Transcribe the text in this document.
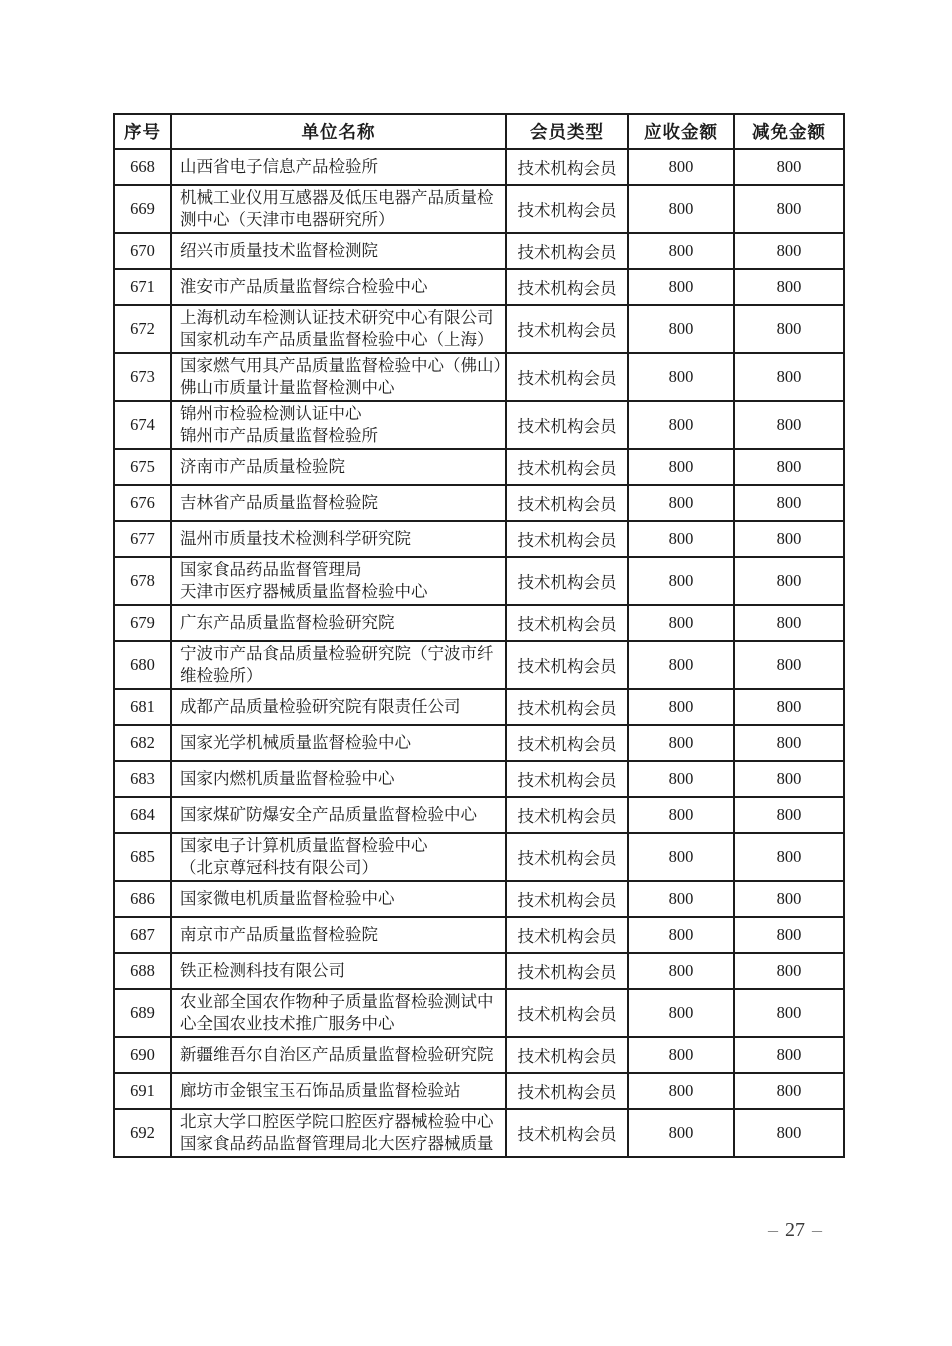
序号	单位名称	会员类型	应收金额	减免金额
668	山西省电子信息产品检验所	技术机构会员	800	800
669	机械工业仪用互感器及低压电器产品质量检
测中心（天津市电器研究所）	技术机构会员	800	800
670	绍兴市质量技术监督检测院	技术机构会员	800	800
671	淮安市产品质量监督综合检验中心	技术机构会员	800	800
672	上海机动车检测认证技术研究中心有限公司
国家机动车产品质量监督检验中心（上海）	技术机构会员	800	800
673	国家燃气用具产品质量监督检验中心（佛山）
佛山市质量计量监督检测中心	技术机构会员	800	800
674	锦州市检验检测认证中心
锦州市产品质量监督检验所	技术机构会员	800	800
675	济南市产品质量检验院	技术机构会员	800	800
676	吉林省产品质量监督检验院	技术机构会员	800	800
677	温州市质量技术检测科学研究院	技术机构会员	800	800
678	国家食品药品监督管理局
天津市医疗器械质量监督检验中心	技术机构会员	800	800
679	广东产品质量监督检验研究院	技术机构会员	800	800
680	宁波市产品食品质量检验研究院（宁波市纤
维检验所）	技术机构会员	800	800
681	成都产品质量检验研究院有限责任公司	技术机构会员	800	800
682	国家光学机械质量监督检验中心	技术机构会员	800	800
683	国家内燃机质量监督检验中心	技术机构会员	800	800
684	国家煤矿防爆安全产品质量监督检验中心	技术机构会员	800	800
685	国家电子计算机质量监督检验中心
（北京尊冠科技有限公司）	技术机构会员	800	800
686	国家微电机质量监督检验中心	技术机构会员	800	800
687	南京市产品质量监督检验院	技术机构会员	800	800
688	铁正检测科技有限公司	技术机构会员	800	800
689	农业部全国农作物种子质量监督检验测试中
心全国农业技术推广服务中心	技术机构会员	800	800
690	新疆维吾尔自治区产品质量监督检验研究院	技术机构会员	800	800
691	廊坊市金银宝玉石饰品质量监督检验站	技术机构会员	800	800
692	北京大学口腔医学院口腔医疗器械检验中心
国家食品药品监督管理局北大医疗器械质量	技术机构会员	800	800
– 27 –
